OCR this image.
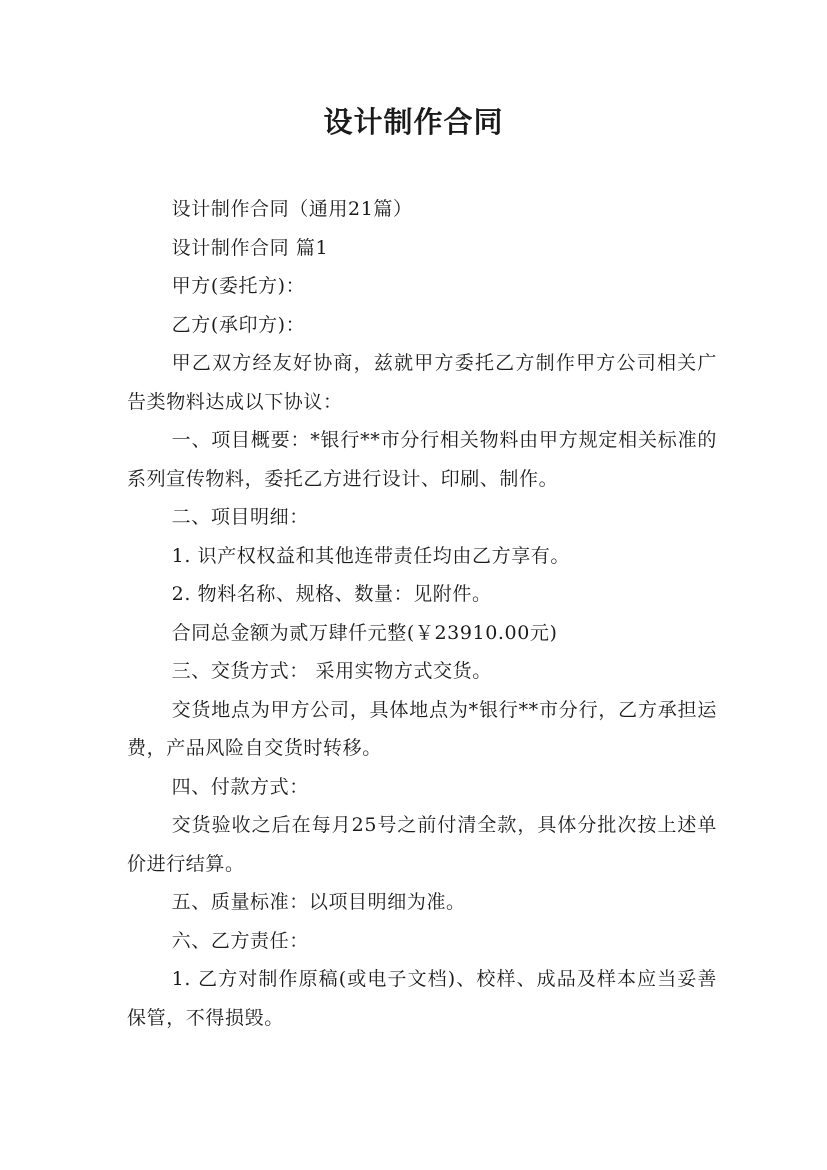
设计制作合同

设计制作合同（通用21篇）

设计制作合同 篇1

甲方(委托方)：

乙方(承印方)：

甲乙双方经友好协商，兹就甲方委托乙方制作甲方公司相关广告类物料达成以下协议：

一、项目概要：*银行**市分行相关物料由甲方规定相关标准的系列宣传物料，委托乙方进行设计、印刷、制作。

二、项目明细：

1. 识产权权益和其他连带责任均由乙方享有。

2. 物料名称、规格、数量：见附件。

合同总金额为贰万肆仟元整(￥23910.00元)

三、交货方式： 采用实物方式交货。

交货地点为甲方公司，具体地点为*银行**市分行，乙方承担运费，产品风险自交货时转移。

四、付款方式：

交货验收之后在每月25号之前付清全款，具体分批次按上述单价进行结算。

五、质量标准：以项目明细为准。

六、乙方责任：

1. 乙方对制作原稿(或电子文档)、校样、成品及样本应当妥善保管，不得损毁。
